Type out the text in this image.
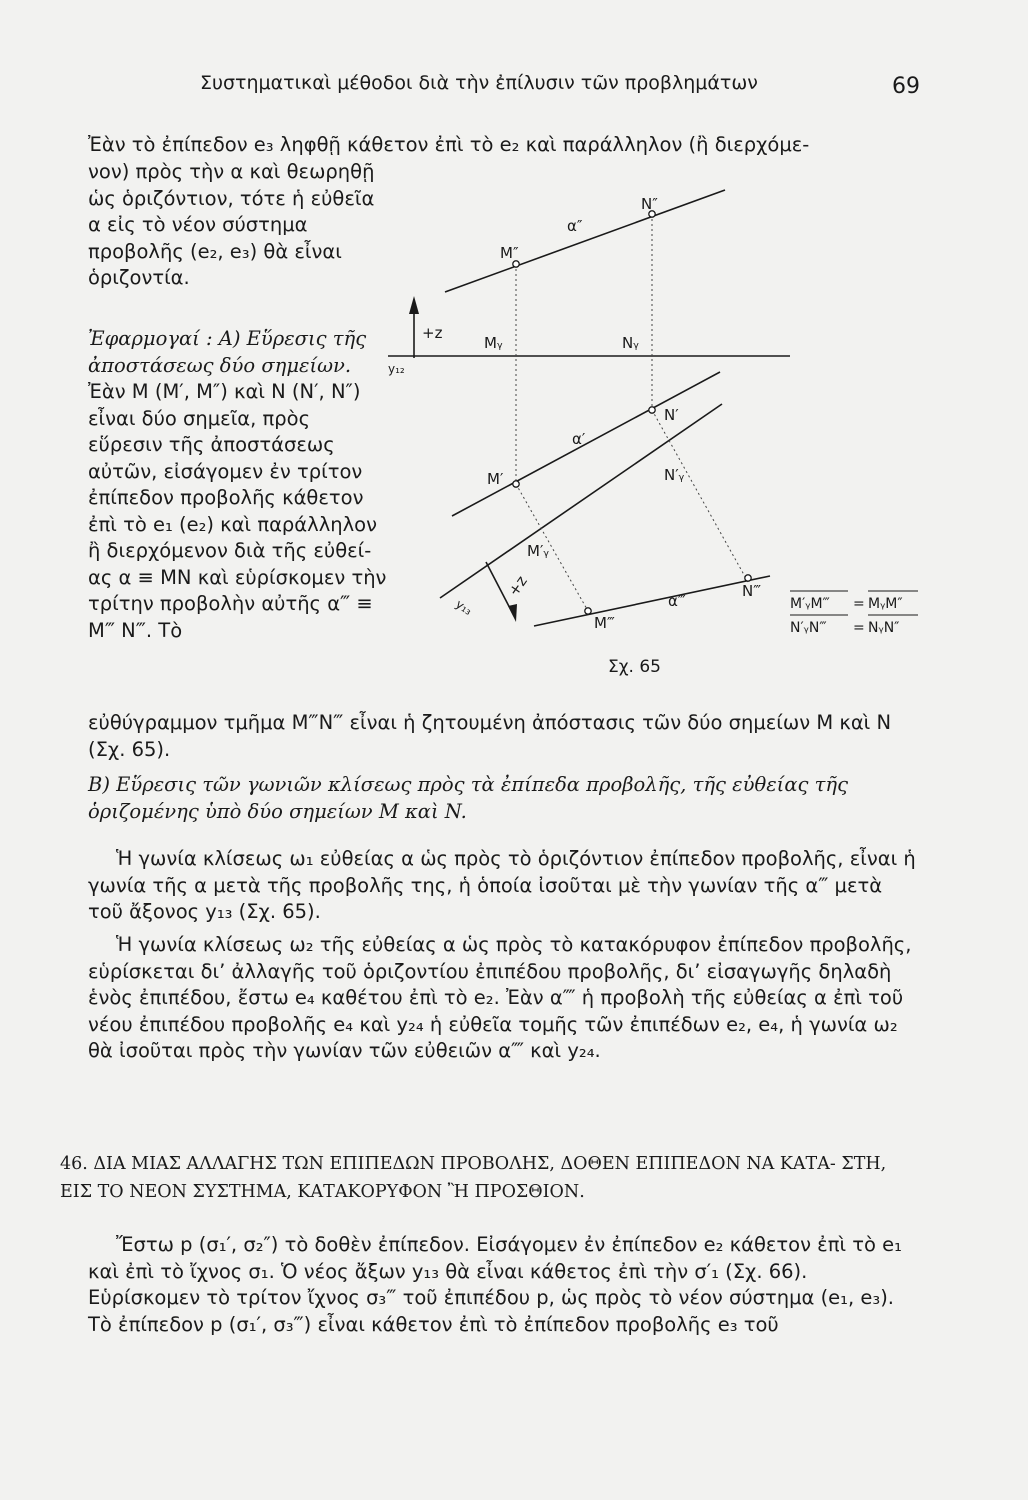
Συστηματικαὶ μέθοδοι διὰ τὴν ἐπίλυσιν τῶν προβλημάτων	69
Ἐὰν τὸ ἐπίπεδον e₃ ληφθῇ κάθετον ἐπὶ τὸ e₂ καὶ παράλληλον (ἢ διερχόμε-
νον) πρὸς τὴν α καὶ θεωρηθῇ ὡς ὁριζόντιον, τότε ἡ εὐθεῖα α εἰς τὸ νέον σύστημα προβολῆς (e₂, e₃) θὰ εἶναι ὁριζοντία.
Ἐφαρμογαί : Α) Εὕρεσις τῆς ἀποστάσεως δύο σημείων. Ἐὰν M (M′, M″) καὶ N (N′, N″) εἶναι δύο σημεῖα, πρὸς εὕρεσιν τῆς ἀποστάσεως αὐτῶν, εἰσάγομεν ἐν τρίτον ἐπίπεδον προβολῆς κάθετον ἐπὶ τὸ e₁ (e₂) καὶ παράλληλον ἢ διερχόμενον διὰ τῆς εὐθεί- ας α ≡ MN καὶ εὑρίσκομεν τὴν τρίτην προβολὴν αὐτῆς α‴ ≡ M‴ N‴. Τὸ
εὐθύγραμμον τμῆμα M‴N‴ εἶναι ἡ ζητουμένη ἀπόστασις τῶν δύο σημείων M καὶ N (Σχ. 65).
N″
α″
M″
+z
Mᵧ	Nᵧ
y₁₂
N′
α′
N′ᵧ
M′
M′ᵧ
+z
y₁₃
N‴
α‴
M‴
M′ᵧM‴ = MᵧM″
N′ᵧN‴ = NᵧN″
Σχ. 65
Β) Εὕρεσις τῶν γωνιῶν κλίσεως πρὸς τὰ ἐπίπεδα προβολῆς, τῆς εὐθείας τῆς ὁριζομένης ὑπὸ δύο σημείων M καὶ N.
Ἡ γωνία κλίσεως ω₁ εὐθείας α ὡς πρὸς τὸ ὁριζόντιον ἐπίπεδον προβολῆς, εἶναι ἡ γωνία τῆς α μετὰ τῆς προβολῆς της, ἡ ὁποία ἰσοῦται μὲ τὴν γωνίαν τῆς α‴ μετὰ τοῦ ἄξονος y₁₃ (Σχ. 65).
Ἡ γωνία κλίσεως ω₂ τῆς εὐθείας α ὡς πρὸς τὸ κατακόρυφον ἐπίπεδον προβολῆς, εὑρίσκεται δι’ ἀλλαγῆς τοῦ ὁριζοντίου ἐπιπέδου προβολῆς, δι’ εἰσαγωγῆς δηλαδὴ ἑνὸς ἐπιπέδου, ἔστω e₄ καθέτου ἐπὶ τὸ e₂. Ἐὰν α⁗ ἡ προβολὴ τῆς εὐθείας α ἐπὶ τοῦ νέου ἐπιπέδου προβολῆς e₄ καὶ y₂₄ ἡ εὐθεῖα τομῆς τῶν ἐπιπέδων e₂, e₄, ἡ γωνία ω₂ θὰ ἰσοῦται πρὸς τὴν γωνίαν τῶν εὐθειῶν α⁗ καὶ y₂₄.
46. ΔΙΑ ΜΙΑΣ ΑΛΛΑΓΗΣ ΤΩΝ ΕΠΙΠΕΔΩΝ ΠΡΟΒΟΛΗΣ, ΔΟΘΕΝ ΕΠΙΠΕΔΟΝ ΝΑ ΚΑΤΑ- ΣΤΗ, ΕΙΣ ΤΟ ΝΕΟΝ ΣΥΣΤΗΜΑ, ΚΑΤΑΚΟΡΥΦΟΝ Ἢ ΠΡΟΣΘΙΟΝ.
Ἔστω p (σ₁′, σ₂″) τὸ δοθὲν ἐπίπεδον. Εἰσάγομεν ἐν ἐπίπεδον e₂ κάθετον ἐπὶ τὸ e₁ καὶ ἐπὶ τὸ ἴχνος σ₁. Ὁ νέος ἄξων y₁₃ θὰ εἶναι κάθετος ἐπὶ τὴν σ′₁ (Σχ. 66). Εὑρίσκομεν τὸ τρίτον ἴχνος σ₃‴ τοῦ ἐπιπέδου p, ὡς πρὸς τὸ νέον σύστημα (e₁, e₃). Τὸ ἐπίπεδον p (σ₁′, σ₃‴) εἶναι κάθετον ἐπὶ τὸ ἐπίπεδον προβολῆς e₃ τοῦ
